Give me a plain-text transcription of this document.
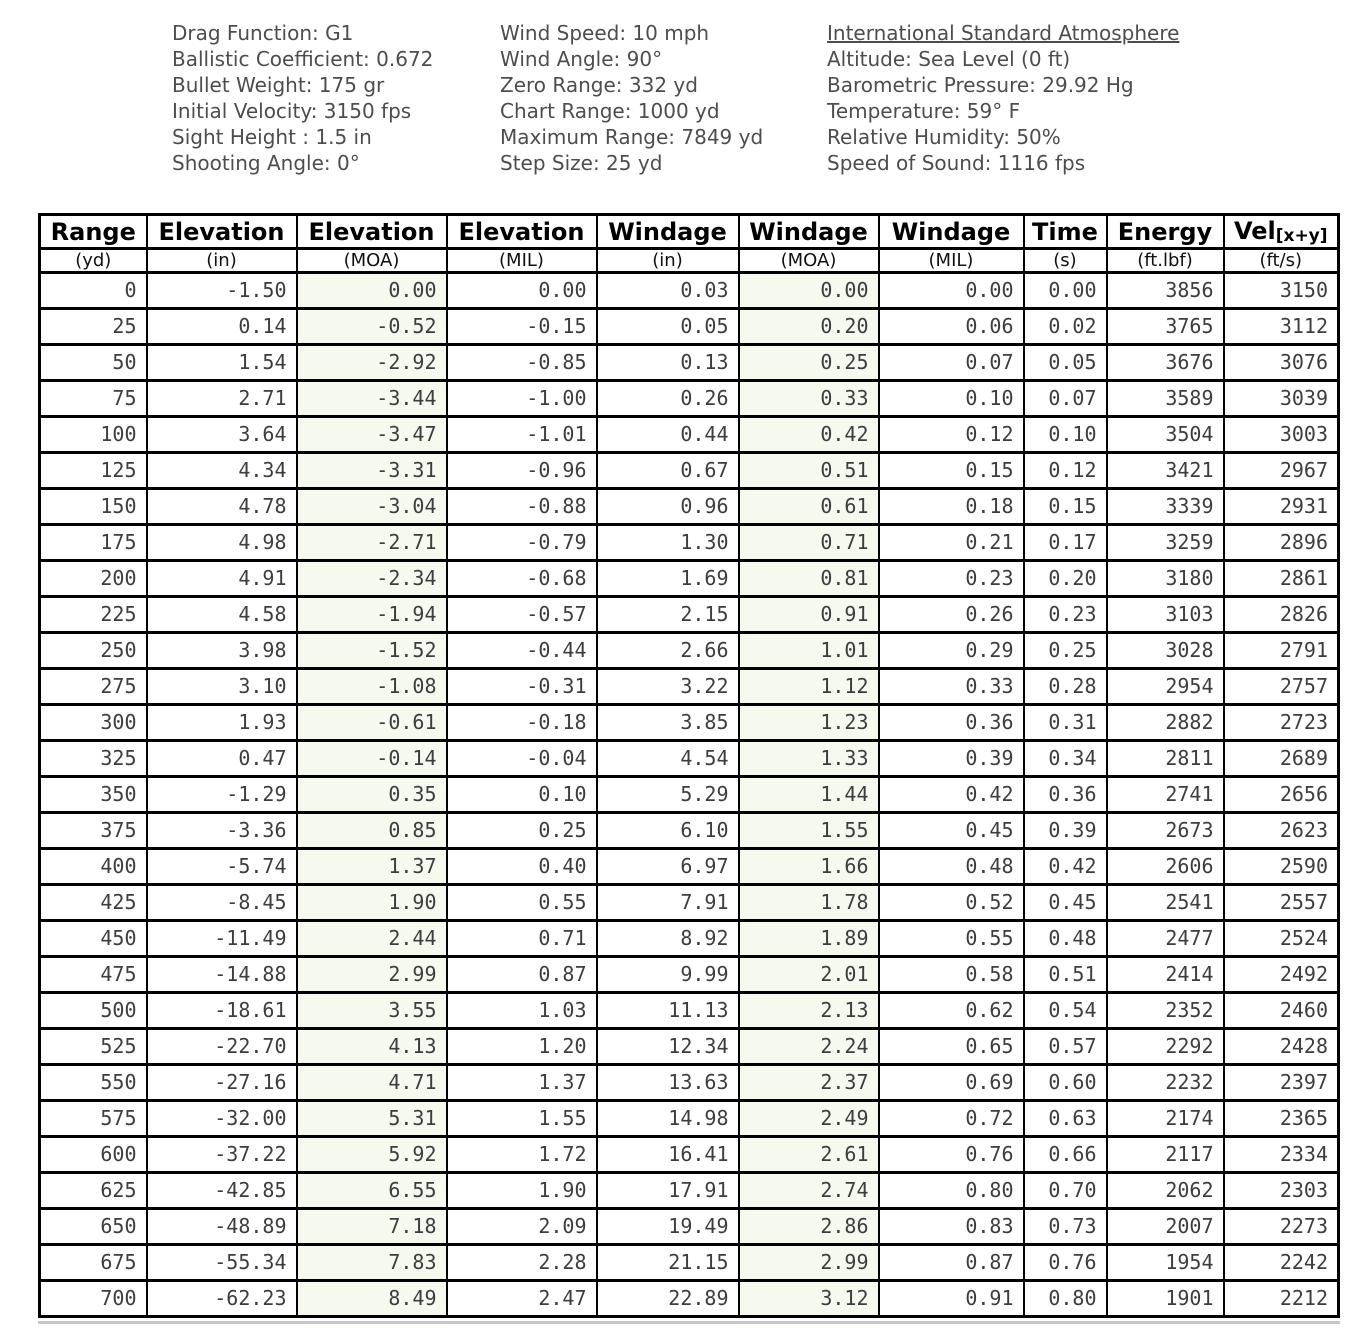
Drag Function: G1
Ballistic Coefficient: 0.672
Bullet Weight: 175 gr
Initial Velocity: 3150 fps
Sight Height : 1.5 in
Shooting Angle: 0°
Wind Speed: 10 mph
Wind Angle: 90°
Zero Range: 332 yd
Chart Range: 1000 yd
Maximum Range: 7849 yd
Step Size: 25 yd
International Standard Atmosphere
Altitude: Sea Level (0 ft)
Barometric Pressure: 29.92 Hg
Temperature: 59° F
Relative Humidity: 50%
Speed of Sound: 1116 fps
Range	Elevation	Elevation	Elevation	Windage	Windage	Windage	Time	Energy	Vel[x+y]
(yd)	(in)	(MOA)	(MIL)	(in)	(MOA)	(MIL)	(s)	(ft.lbf)	(ft/s)
0	-1.50	0.00	0.00	0.03	0.00	0.00	0.00	3856	3150
25	0.14	-0.52	-0.15	0.05	0.20	0.06	0.02	3765	3112
50	1.54	-2.92	-0.85	0.13	0.25	0.07	0.05	3676	3076
75	2.71	-3.44	-1.00	0.26	0.33	0.10	0.07	3589	3039
100	3.64	-3.47	-1.01	0.44	0.42	0.12	0.10	3504	3003
125	4.34	-3.31	-0.96	0.67	0.51	0.15	0.12	3421	2967
150	4.78	-3.04	-0.88	0.96	0.61	0.18	0.15	3339	2931
175	4.98	-2.71	-0.79	1.30	0.71	0.21	0.17	3259	2896
200	4.91	-2.34	-0.68	1.69	0.81	0.23	0.20	3180	2861
225	4.58	-1.94	-0.57	2.15	0.91	0.26	0.23	3103	2826
250	3.98	-1.52	-0.44	2.66	1.01	0.29	0.25	3028	2791
275	3.10	-1.08	-0.31	3.22	1.12	0.33	0.28	2954	2757
300	1.93	-0.61	-0.18	3.85	1.23	0.36	0.31	2882	2723
325	0.47	-0.14	-0.04	4.54	1.33	0.39	0.34	2811	2689
350	-1.29	0.35	0.10	5.29	1.44	0.42	0.36	2741	2656
375	-3.36	0.85	0.25	6.10	1.55	0.45	0.39	2673	2623
400	-5.74	1.37	0.40	6.97	1.66	0.48	0.42	2606	2590
425	-8.45	1.90	0.55	7.91	1.78	0.52	0.45	2541	2557
450	-11.49	2.44	0.71	8.92	1.89	0.55	0.48	2477	2524
475	-14.88	2.99	0.87	9.99	2.01	0.58	0.51	2414	2492
500	-18.61	3.55	1.03	11.13	2.13	0.62	0.54	2352	2460
525	-22.70	4.13	1.20	12.34	2.24	0.65	0.57	2292	2428
550	-27.16	4.71	1.37	13.63	2.37	0.69	0.60	2232	2397
575	-32.00	5.31	1.55	14.98	2.49	0.72	0.63	2174	2365
600	-37.22	5.92	1.72	16.41	2.61	0.76	0.66	2117	2334
625	-42.85	6.55	1.90	17.91	2.74	0.80	0.70	2062	2303
650	-48.89	7.18	2.09	19.49	2.86	0.83	0.73	2007	2273
675	-55.34	7.83	2.28	21.15	2.99	0.87	0.76	1954	2242
700	-62.23	8.49	2.47	22.89	3.12	0.91	0.80	1901	2212
